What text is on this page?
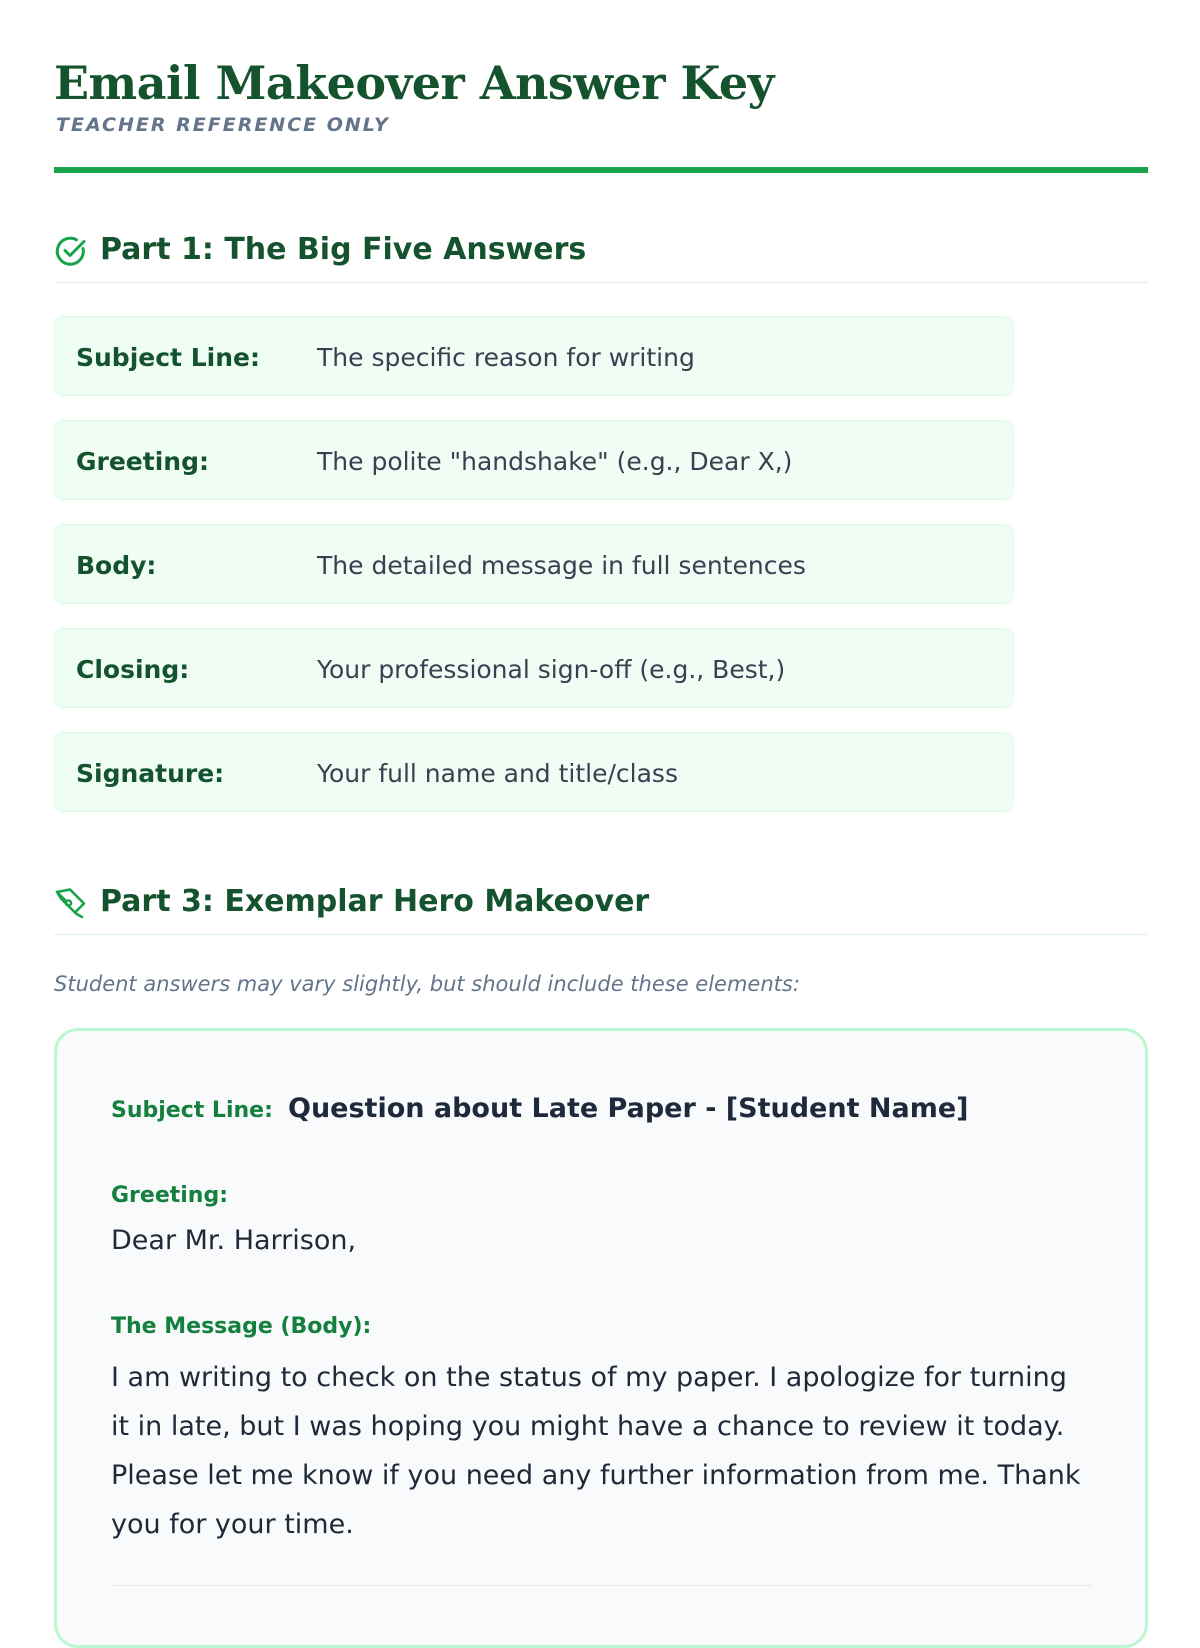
Email Makeover Answer Key
TEACHER REFERENCE ONLY
Part 1: The Big Five Answers
Subject Line: The specific reason for writing
Greeting:	The polite "handshake" (e.g., Dear X,)
Body:	The detailed message in full sentences
Closing:	Your professional sign-off (e.g., Best,)
Signature:	Your full name and title/class
Part 3: Exemplar Hero Makeover
Student answers may vary slightly, but should include these elements:
Subject Line: Question about Late Paper - [Student Name]
Greeting:
Dear Mr. Harrison,
The Message (Body):

I am writing to check on the status of my paper. I apologize for turning it in late, but I was hoping you might have a chance to review it today. Please let me know if you need any further information from me. Thank you for your time.
